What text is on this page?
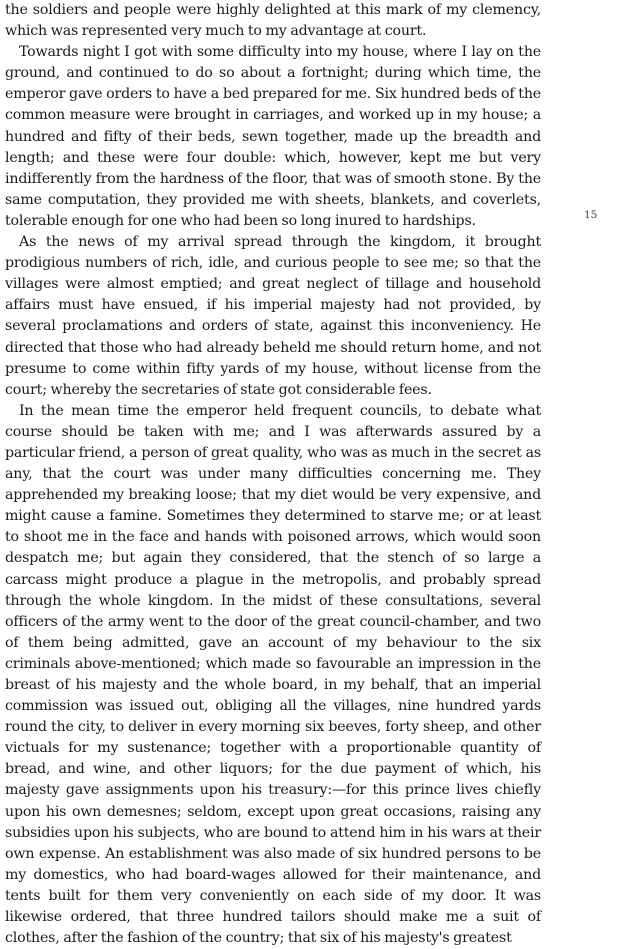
the soldiers and people were highly delighted at this mark of my clemency, which was represented very much to my advantage at court.

Towards night I got with some difficulty into my house, where I lay on the ground, and continued to do so about a fortnight; during which time, the emperor gave orders to have a bed prepared for me. Six hundred beds of the common measure were brought in carriages, and worked up in my house; a hundred and fifty of their beds, sewn together, made up the breadth and length; and these were four double: which, however, kept me but very indifferently from the hardness of the floor, that was of smooth stone. By the same computation, they provided me with sheets, blankets, and coverlets, tolerable enough for one who had been so long inured to hardships.

As the news of my arrival spread through the kingdom, it brought prodigious numbers of rich, idle, and curious people to see me; so that the villages were almost emptied; and great neglect of tillage and household affairs must have ensued, if his imperial majesty had not provided, by several proclamations and orders of state, against this inconveniency. He directed that those who had already beheld me should return home, and not presume to come within fifty yards of my house, without license from the court; whereby the secretaries of state got considerable fees.

In the mean time the emperor held frequent councils, to debate what course should be taken with me; and I was afterwards assured by a particular friend, a person of great quality, who was as much in the secret as any, that the court was under many difficulties concerning me. They apprehended my breaking loose; that my diet would be very expensive, and might cause a famine. Sometimes they determined to starve me; or at least to shoot me in the face and hands with poisoned arrows, which would soon despatch me; but again they considered, that the stench of so large a carcass might produce a plague in the metropolis, and probably spread through the whole kingdom. In the midst of these consultations, several officers of the army went to the door of the great council-chamber, and two of them being admitted, gave an account of my behaviour to the six criminals above-mentioned; which made so favourable an impression in the breast of his majesty and the whole board, in my behalf, that an imperial commission was issued out, obliging all the villages, nine hundred yards round the city, to deliver in every morning six beeves, forty sheep, and other victuals for my sustenance; together with a proportionable quantity of bread, and wine, and other liquors; for the due payment of which, his majesty gave assignments upon his treasury:—for this prince lives chiefly upon his own demesnes; seldom, except upon great occasions, raising any subsidies upon his subjects, who are bound to attend him in his wars at their own expense. An establishment was also made of six hundred persons to be my domestics, who had board-wages allowed for their maintenance, and tents built for them very conveniently on each side of my door. It was likewise ordered, that three hundred tailors should make me a suit of clothes, after the fashion of the country; that six of his majesty's greatest

15
